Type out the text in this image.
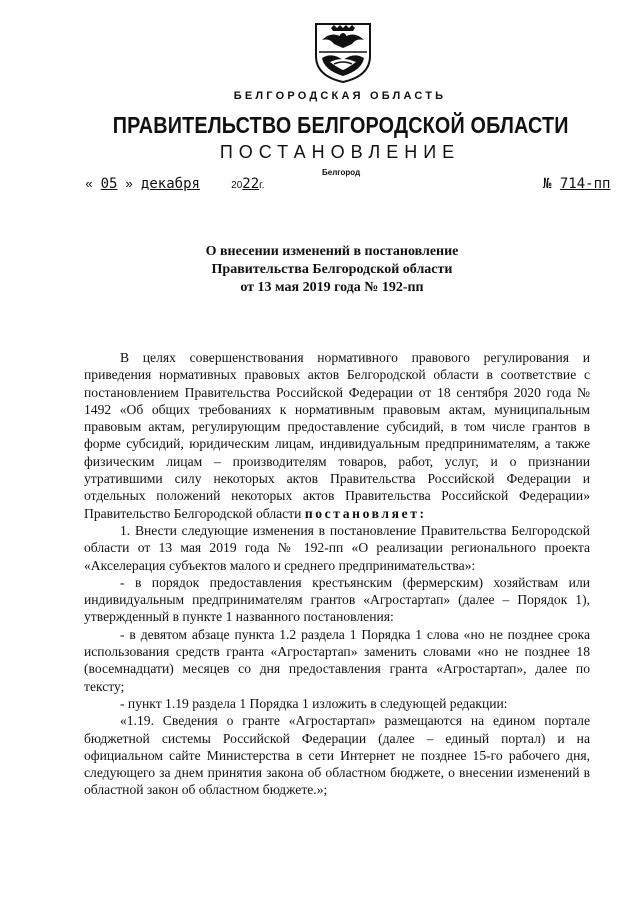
БЕЛГОРОДСКАЯ ОБЛАСТЬ
ПРАВИТЕЛЬСТВО БЕЛГОРОДСКОЙ ОБЛАСТИ
ПОСТАНОВЛЕНИЕ
Белгород
« 05 » декабря	2022г.	№ 714-пп
О внесении изменений в постановление
Правительства Белгородской области
от 13 мая 2019 года № 192-пп

В целях совершенствования нормативного правового регулирования и приведения нормативных правовых актов Белгородской области в соответствие с постановлением Правительства Российской Федерации от 18 сентября 2020 года № 1492 «Об общих требованиях к нормативным правовым актам, муниципальным правовым актам, регулирующим предоставление субсидий, в том числе грантов в форме субсидий, юридическим лицам, индивидуальным предпринимателям, а также физическим лицам – производителям товаров, работ, услуг, и о признании утратившими силу некоторых актов Правительства Российской Федерации и отдельных положений некоторых актов Правительства Российской Федерации» Правительство Белгородской области постановляет:

1. Внести следующие изменения в постановление Правительства Белгородской области от 13 мая 2019 года № 192-пп «О реализации регионального проекта «Акселерация субъектов малого и среднего предпринимательства»:

- в порядок предоставления крестьянским (фермерским) хозяйствам или индивидуальным предпринимателям грантов «Агростартап» (далее – Порядок 1), утвержденный в пункте 1 названного постановления:

- в девятом абзаце пункта 1.2 раздела 1 Порядка 1 слова «но не позднее срока использования средств гранта «Агростартап» заменить словами «но не позднее 18 (восемнадцати) месяцев со дня предоставления гранта «Агростартап», далее по тексту;

- пункт 1.19 раздела 1 Порядка 1 изложить в следующей редакции:

«1.19. Сведения о гранте «Агростартап» размещаются на едином портале бюджетной системы Российской Федерации (далее – единый портал) и на официальном сайте Министерства в сети Интернет не позднее 15-го рабочего дня, следующего за днем принятия закона об областном бюджете, о внесении изменений в областной закон об областном бюджете.»;
